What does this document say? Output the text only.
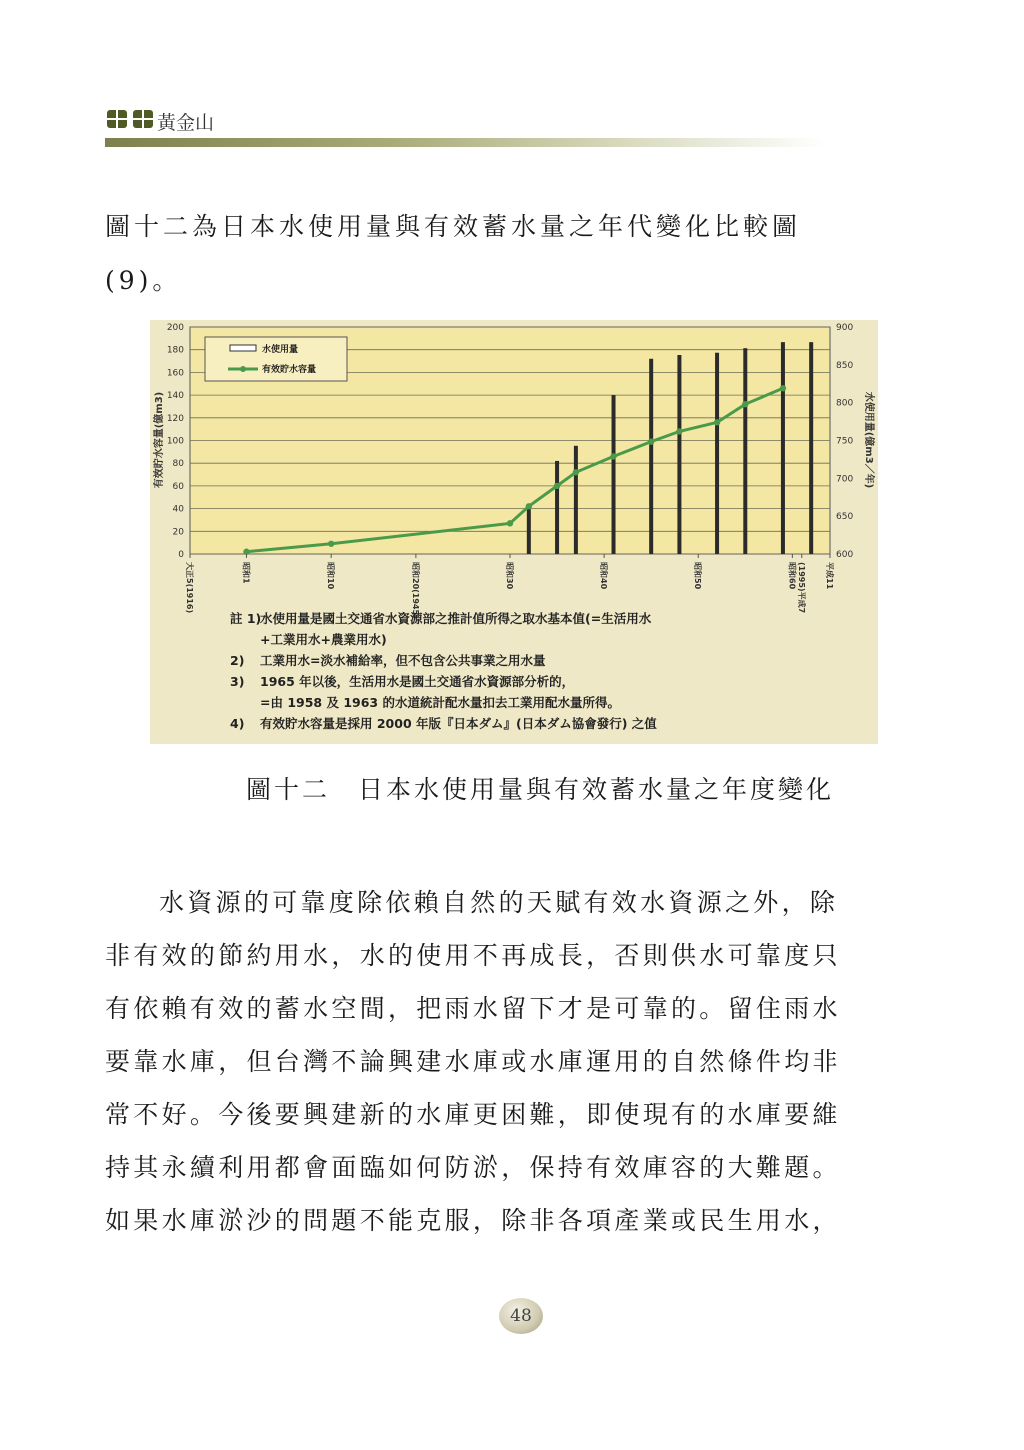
黃金山
圖十二為日本水使用量與有效蓄水量之年代變化比較圖
(9)。
0
20
40
60
80
100
120
140
160
180
200
600
650
700
750
800
850
900
大正5(1916)	昭和1	昭和10	昭和20(1945)	昭和30	昭和40	昭和50	昭和60 (1995)平成7 平成11
有效貯水容量(億m3)	水使用量(億m3／年)
水使用量
有效貯水容量
註 1)水使用量是國土交通省水資源部之推計值所得之取水基本值(=生活用水
+工業用水+農業用水)
2) 工業用水=淡水補給率，但不包含公共事業之用水量
3) 1965 年以後，生活用水是國土交通省水資源部分析的，
=由 1958 及 1963 的水道統計配水量扣去工業用配水量所得。
4) 有效貯水容量是採用 2000 年版『日本ダム』(日本ダム協會發行) 之值
圖十二　日本水使用量與有效蓄水量之年度變化
水資源的可靠度除依賴自然的天賦有效水資源之外，除
非有效的節約用水，水的使用不再成長，否則供水可靠度只
有依賴有效的蓄水空間，把雨水留下才是可靠的。留住雨水
要靠水庫，但台灣不論興建水庫或水庫運用的自然條件均非
常不好。今後要興建新的水庫更困難，即使現有的水庫要維
持其永續利用都會面臨如何防淤，保持有效庫容的大難題。
如果水庫淤沙的問題不能克服，除非各項產業或民生用水，
48
